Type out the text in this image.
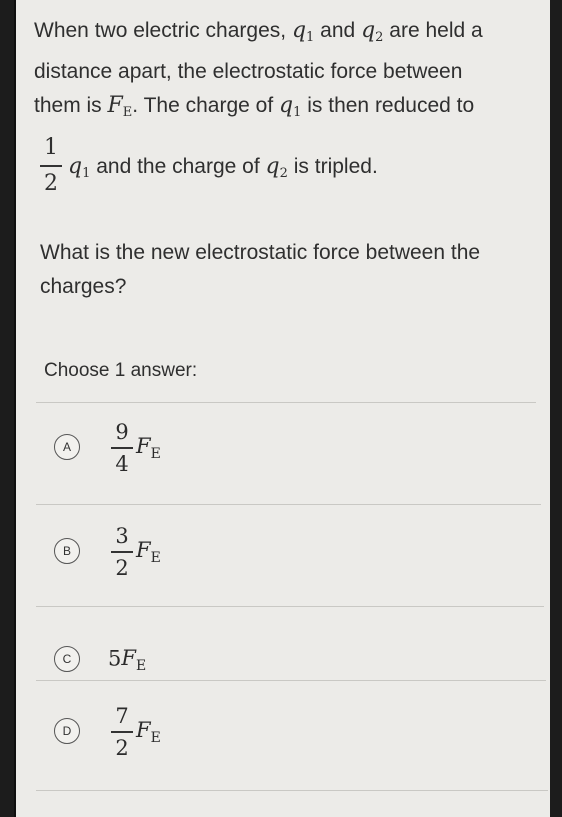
When two electric charges, $q_1$ and $q_2$ are held a
distance apart, the electrostatic force between
them is $F_E$. The charge of $q_1$ is then reduced to
1
2
$q_1$ and the charge of $q_2$ is tripled.
What is the new electrostatic force between the
charges?
Choose 1 answer:
A	$\frac{9}{4} F_E$
B	$\frac{3}{2} F_E$
C	$5F_E$
D	$\frac{7}{2} F_E$
